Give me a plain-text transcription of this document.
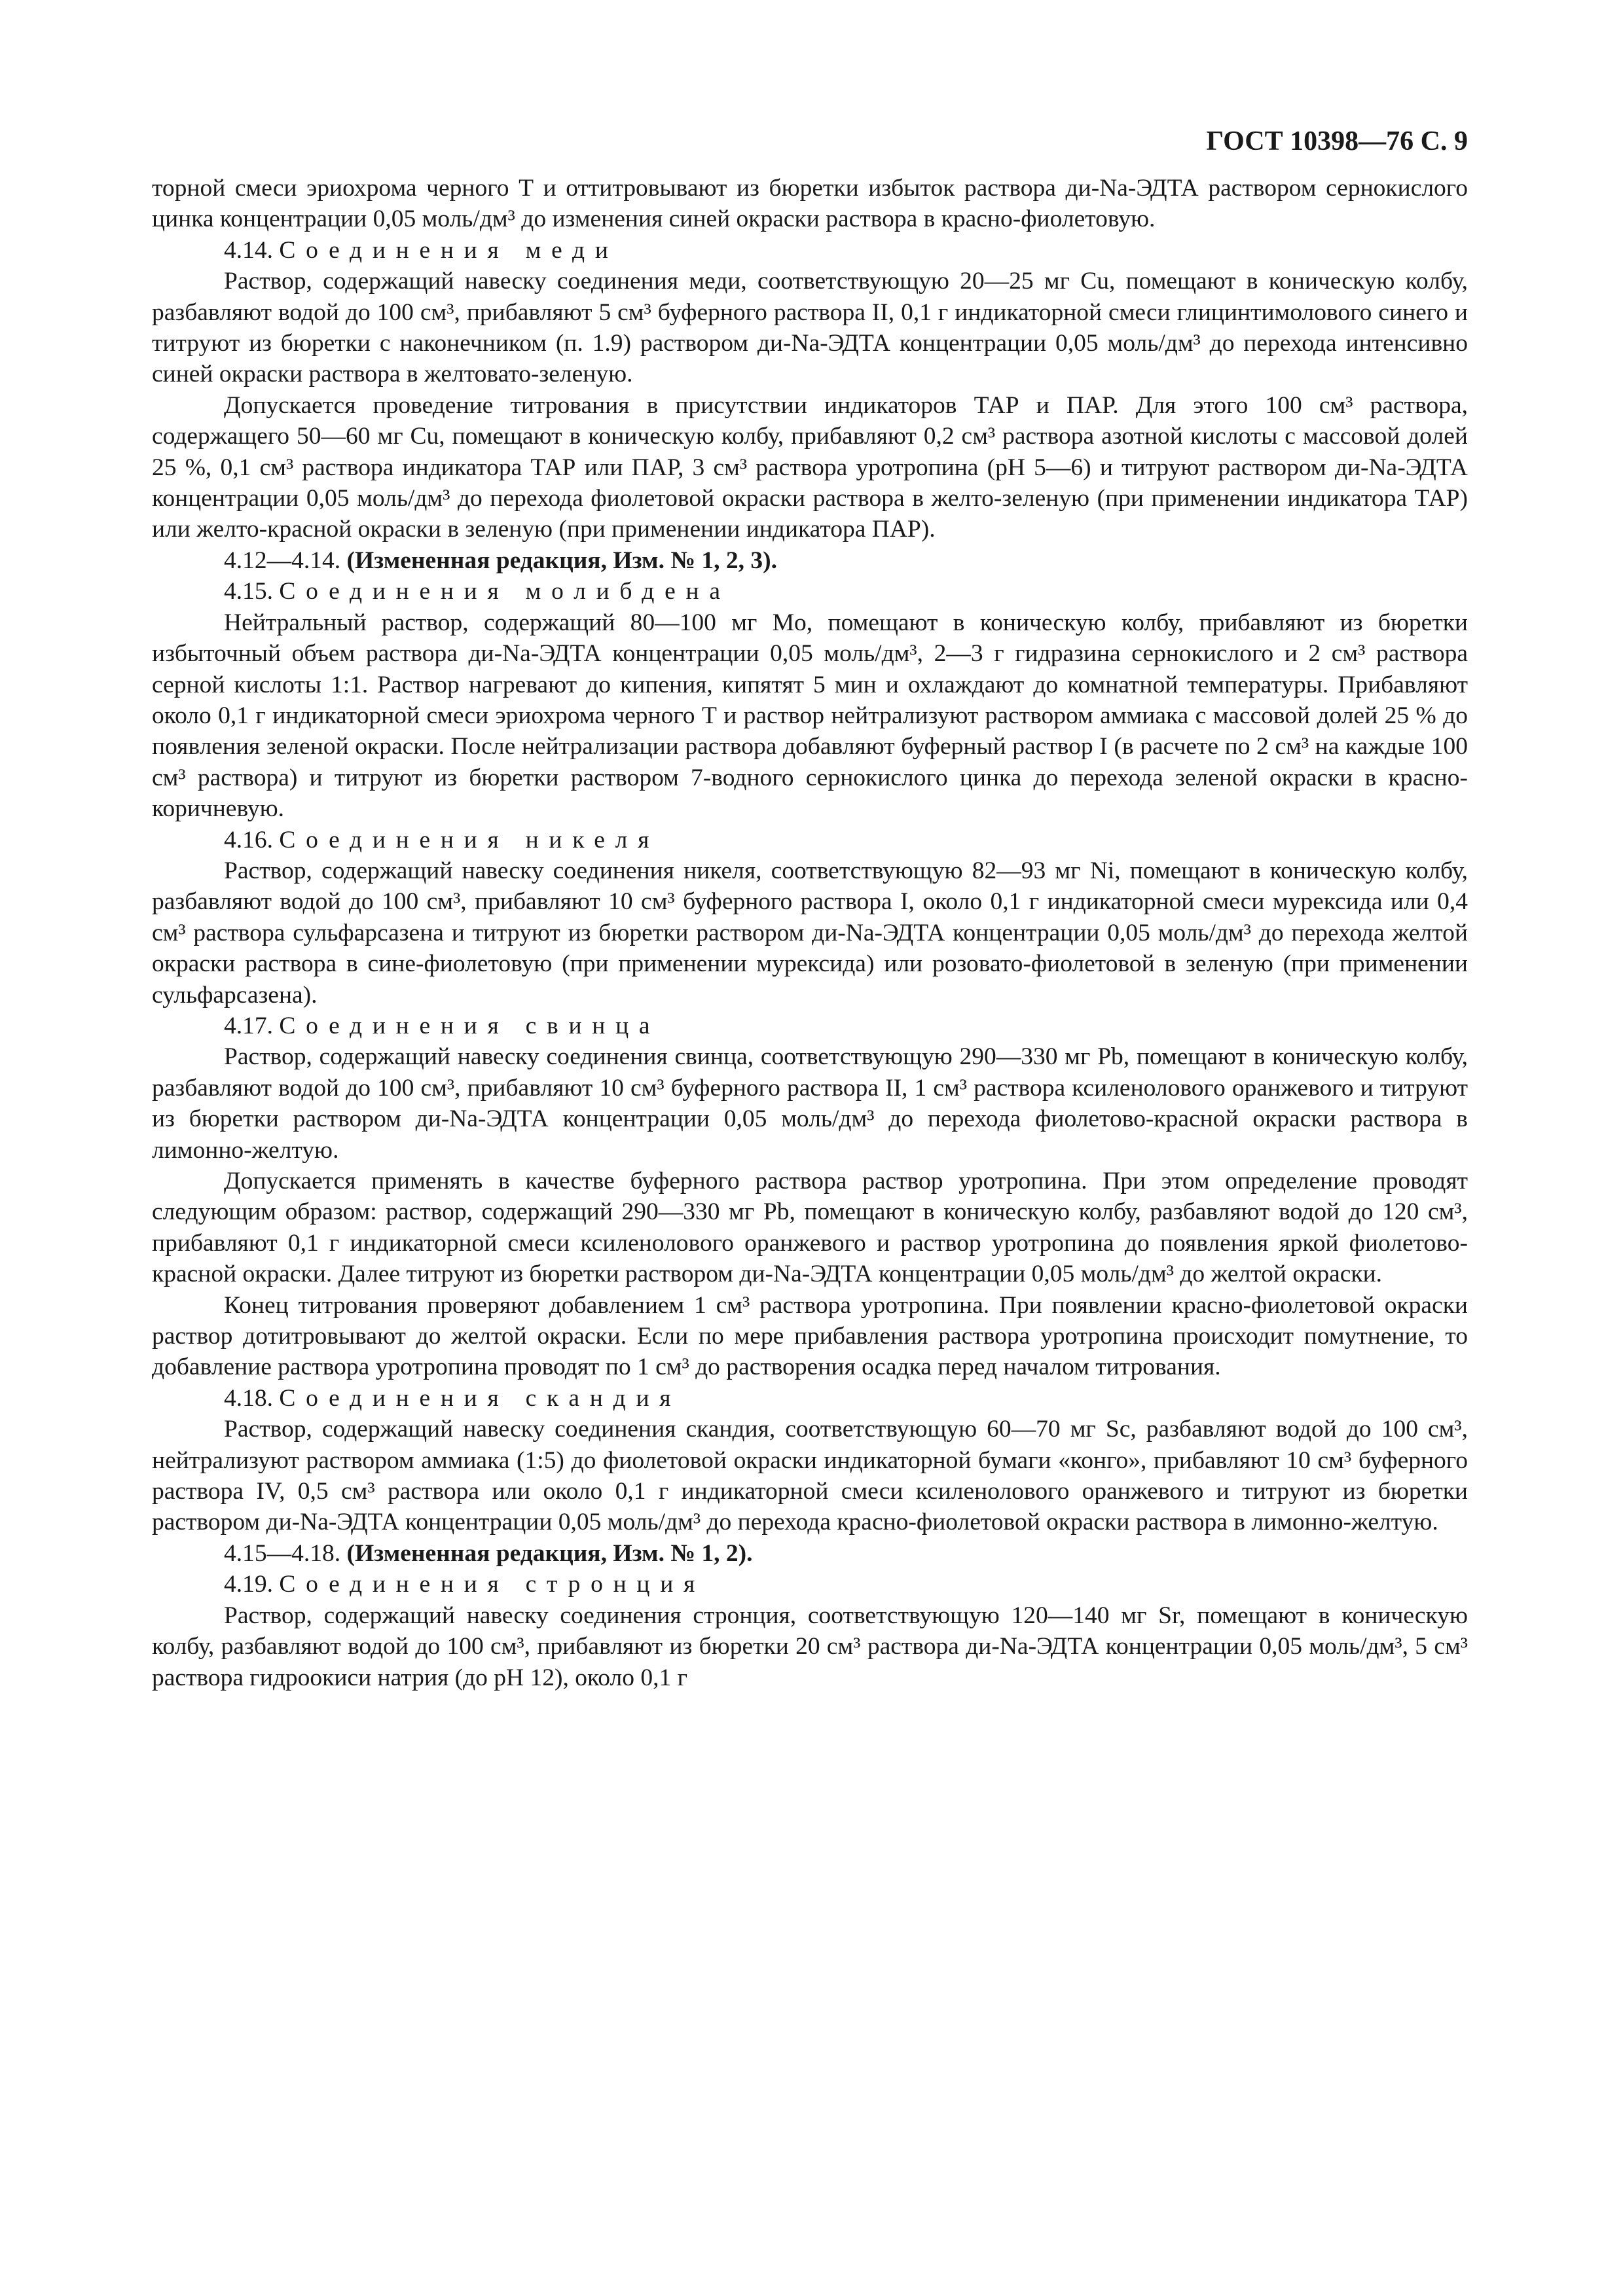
ГОСТ 10398—76 С. 9

торной смеси эриохрома черного Т и оттитровывают из бюретки избыток раствора ди-Na-ЭДТА раствором сернокислого цинка концентрации 0,05 моль/дм³ до изменения синей окраски раствора в красно-фиолетовую.

4.14. Соединения меди

Раствор, содержащий навеску соединения меди, соответствующую 20—25 мг Cu, помещают в коническую колбу, разбавляют водой до 100 см³, прибавляют 5 см³ буферного раствора II, 0,1 г индикаторной смеси глицинтимолового синего и титруют из бюретки с наконечником (п. 1.9) раствором ди-Na-ЭДТА концентрации 0,05 моль/дм³ до перехода интенсивно синей окраски раствора в желтовато-зеленую.

Допускается проведение титрования в присутствии индикаторов ТАР и ПАР. Для этого 100 см³ раствора, содержащего 50—60 мг Cu, помещают в коническую колбу, прибавляют 0,2 см³ раствора азотной кислоты с массовой долей 25 %, 0,1 см³ раствора индикатора ТАР или ПАР, 3 см³ раствора уротропина (pH 5—6) и титруют раствором ди-Na-ЭДТА концентрации 0,05 моль/дм³ до перехода фиолетовой окраски раствора в желто-зеленую (при применении индикатора ТАР) или желто-красной окраски в зеленую (при применении индикатора ПАР).

4.12—4.14. (Измененная редакция, Изм. № 1, 2, 3).

4.15. Соединения молибдена

Нейтральный раствор, содержащий 80—100 мг Mo, помещают в коническую колбу, прибавляют из бюретки избыточный объем раствора ди-Na-ЭДТА концентрации 0,05 моль/дм³, 2—3 г гидразина сернокислого и 2 см³ раствора серной кислоты 1:1. Раствор нагревают до кипения, кипятят 5 мин и охлаждают до комнатной температуры. Прибавляют около 0,1 г индикаторной смеси эриохрома черного Т и раствор нейтрализуют раствором аммиака с массовой долей 25 % до появления зеленой окраски. После нейтрализации раствора добавляют буферный раствор I (в расчете по 2 см³ на каждые 100 см³ раствора) и титруют из бюретки раствором 7-водного сернокислого цинка до перехода зеленой окраски в красно-коричневую.

4.16. Соединения никеля

Раствор, содержащий навеску соединения никеля, соответствующую 82—93 мг Ni, помещают в коническую колбу, разбавляют водой до 100 см³, прибавляют 10 см³ буферного раствора I, около 0,1 г индикаторной смеси мурексида или 0,4 см³ раствора сульфарсазена и титруют из бюретки раствором ди-Na-ЭДТА концентрации 0,05 моль/дм³ до перехода желтой окраски раствора в сине-фиолетовую (при применении мурексида) или розовато-фиолетовой в зеленую (при применении сульфарсазена).

4.17. Соединения свинца

Раствор, содержащий навеску соединения свинца, соответствующую 290—330 мг Pb, помещают в коническую колбу, разбавляют водой до 100 см³, прибавляют 10 см³ буферного раствора II, 1 см³ раствора ксиленолового оранжевого и титруют из бюретки раствором ди-Na-ЭДТА концентрации 0,05 моль/дм³ до перехода фиолетово-красной окраски раствора в лимонно-желтую.

Допускается применять в качестве буферного раствора раствор уротропина. При этом определение проводят следующим образом: раствор, содержащий 290—330 мг Pb, помещают в коническую колбу, разбавляют водой до 120 см³, прибавляют 0,1 г индикаторной смеси ксиленолового оранжевого и раствор уротропина до появления яркой фиолетово-красной окраски. Далее титруют из бюретки раствором ди-Na-ЭДТА концентрации 0,05 моль/дм³ до желтой окраски.

Конец титрования проверяют добавлением 1 см³ раствора уротропина. При появлении красно-фиолетовой окраски раствор дотитровывают до желтой окраски. Если по мере прибавления раствора уротропина происходит помутнение, то добавление раствора уротропина проводят по 1 см³ до растворения осадка перед началом титрования.

4.18. Соединения скандия

Раствор, содержащий навеску соединения скандия, соответствующую 60—70 мг Sc, разбавляют водой до 100 см³, нейтрализуют раствором аммиака (1:5) до фиолетовой окраски индикаторной бумаги «конго», прибавляют 10 см³ буферного раствора IV, 0,5 см³ раствора или около 0,1 г индикаторной смеси ксиленолового оранжевого и титруют из бюретки раствором ди-Na-ЭДТА концентрации 0,05 моль/дм³ до перехода красно-фиолетовой окраски раствора в лимонно-желтую.

4.15—4.18. (Измененная редакция, Изм. № 1, 2).

4.19. Соединения стронция

Раствор, содержащий навеску соединения стронция, соответствующую 120—140 мг Sr, помещают в коническую колбу, разбавляют водой до 100 см³, прибавляют из бюретки 20 см³ раствора ди-Na-ЭДТА концентрации 0,05 моль/дм³, 5 см³ раствора гидроокиси натрия (до pH 12), около 0,1 г
